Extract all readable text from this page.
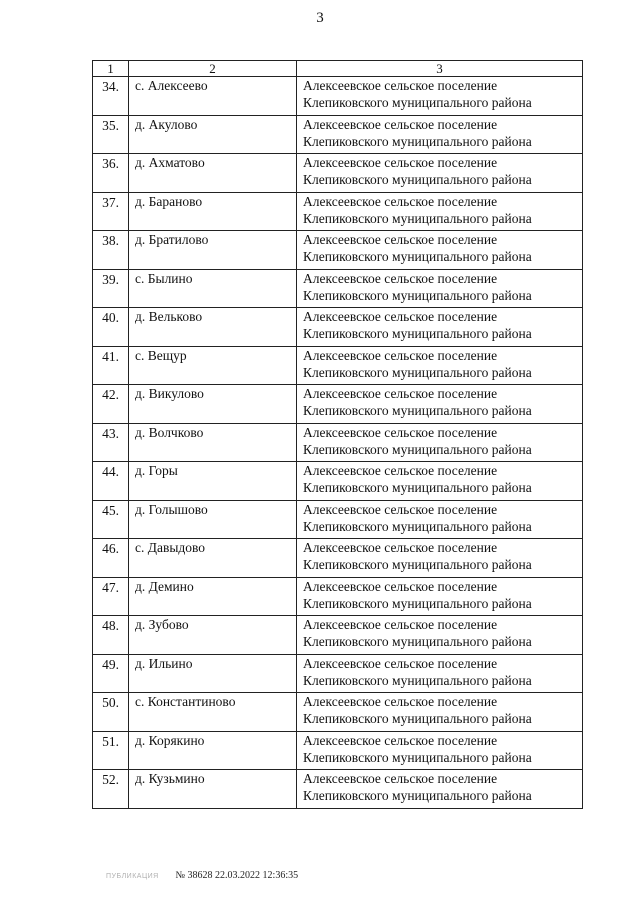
3
1	2	3
34.	с. Алексеево	Алексеевское сельское поселение
Клепиковского муниципального района

35.	д. Акулово	Алексеевское сельское поселение
Клепиковского муниципального района

36.	д. Ахматово	Алексеевское сельское поселение
Клепиковского муниципального района

37.	д. Бараново	Алексеевское сельское поселение
Клепиковского муниципального района

38.	д. Братилово	Алексеевское сельское поселение
Клепиковского муниципального района

39.	с. Былино	Алексеевское сельское поселение
Клепиковского муниципального района

40.	д. Вельково	Алексеевское сельское поселение
Клепиковского муниципального района

41.	с. Вещур	Алексеевское сельское поселение
Клепиковского муниципального района

42.	д. Викулово	Алексеевское сельское поселение
Клепиковского муниципального района

43.	д. Волчково	Алексеевское сельское поселение
Клепиковского муниципального района

44.	д. Горы	Алексеевское сельское поселение
Клепиковского муниципального района

45.	д. Голышово	Алексеевское сельское поселение
Клепиковского муниципального района

46.	с. Давыдово	Алексеевское сельское поселение
Клепиковского муниципального района

47.	д. Демино	Алексеевское сельское поселение
Клепиковского муниципального района

48.	д. Зубово	Алексеевское сельское поселение
Клепиковского муниципального района

49.	д. Ильино	Алексеевское сельское поселение
Клепиковского муниципального района

50.	с. Константиново	Алексеевское сельское поселение
Клепиковского муниципального района

51.	д. Корякино	Алексеевское сельское поселение
Клепиковского муниципального района

52.	д. Кузьмино	Алексеевское сельское поселение
Клепиковского муниципального района
ПУБЛИКАЦИЯ № 38628 22.03.2022 12:36:35
